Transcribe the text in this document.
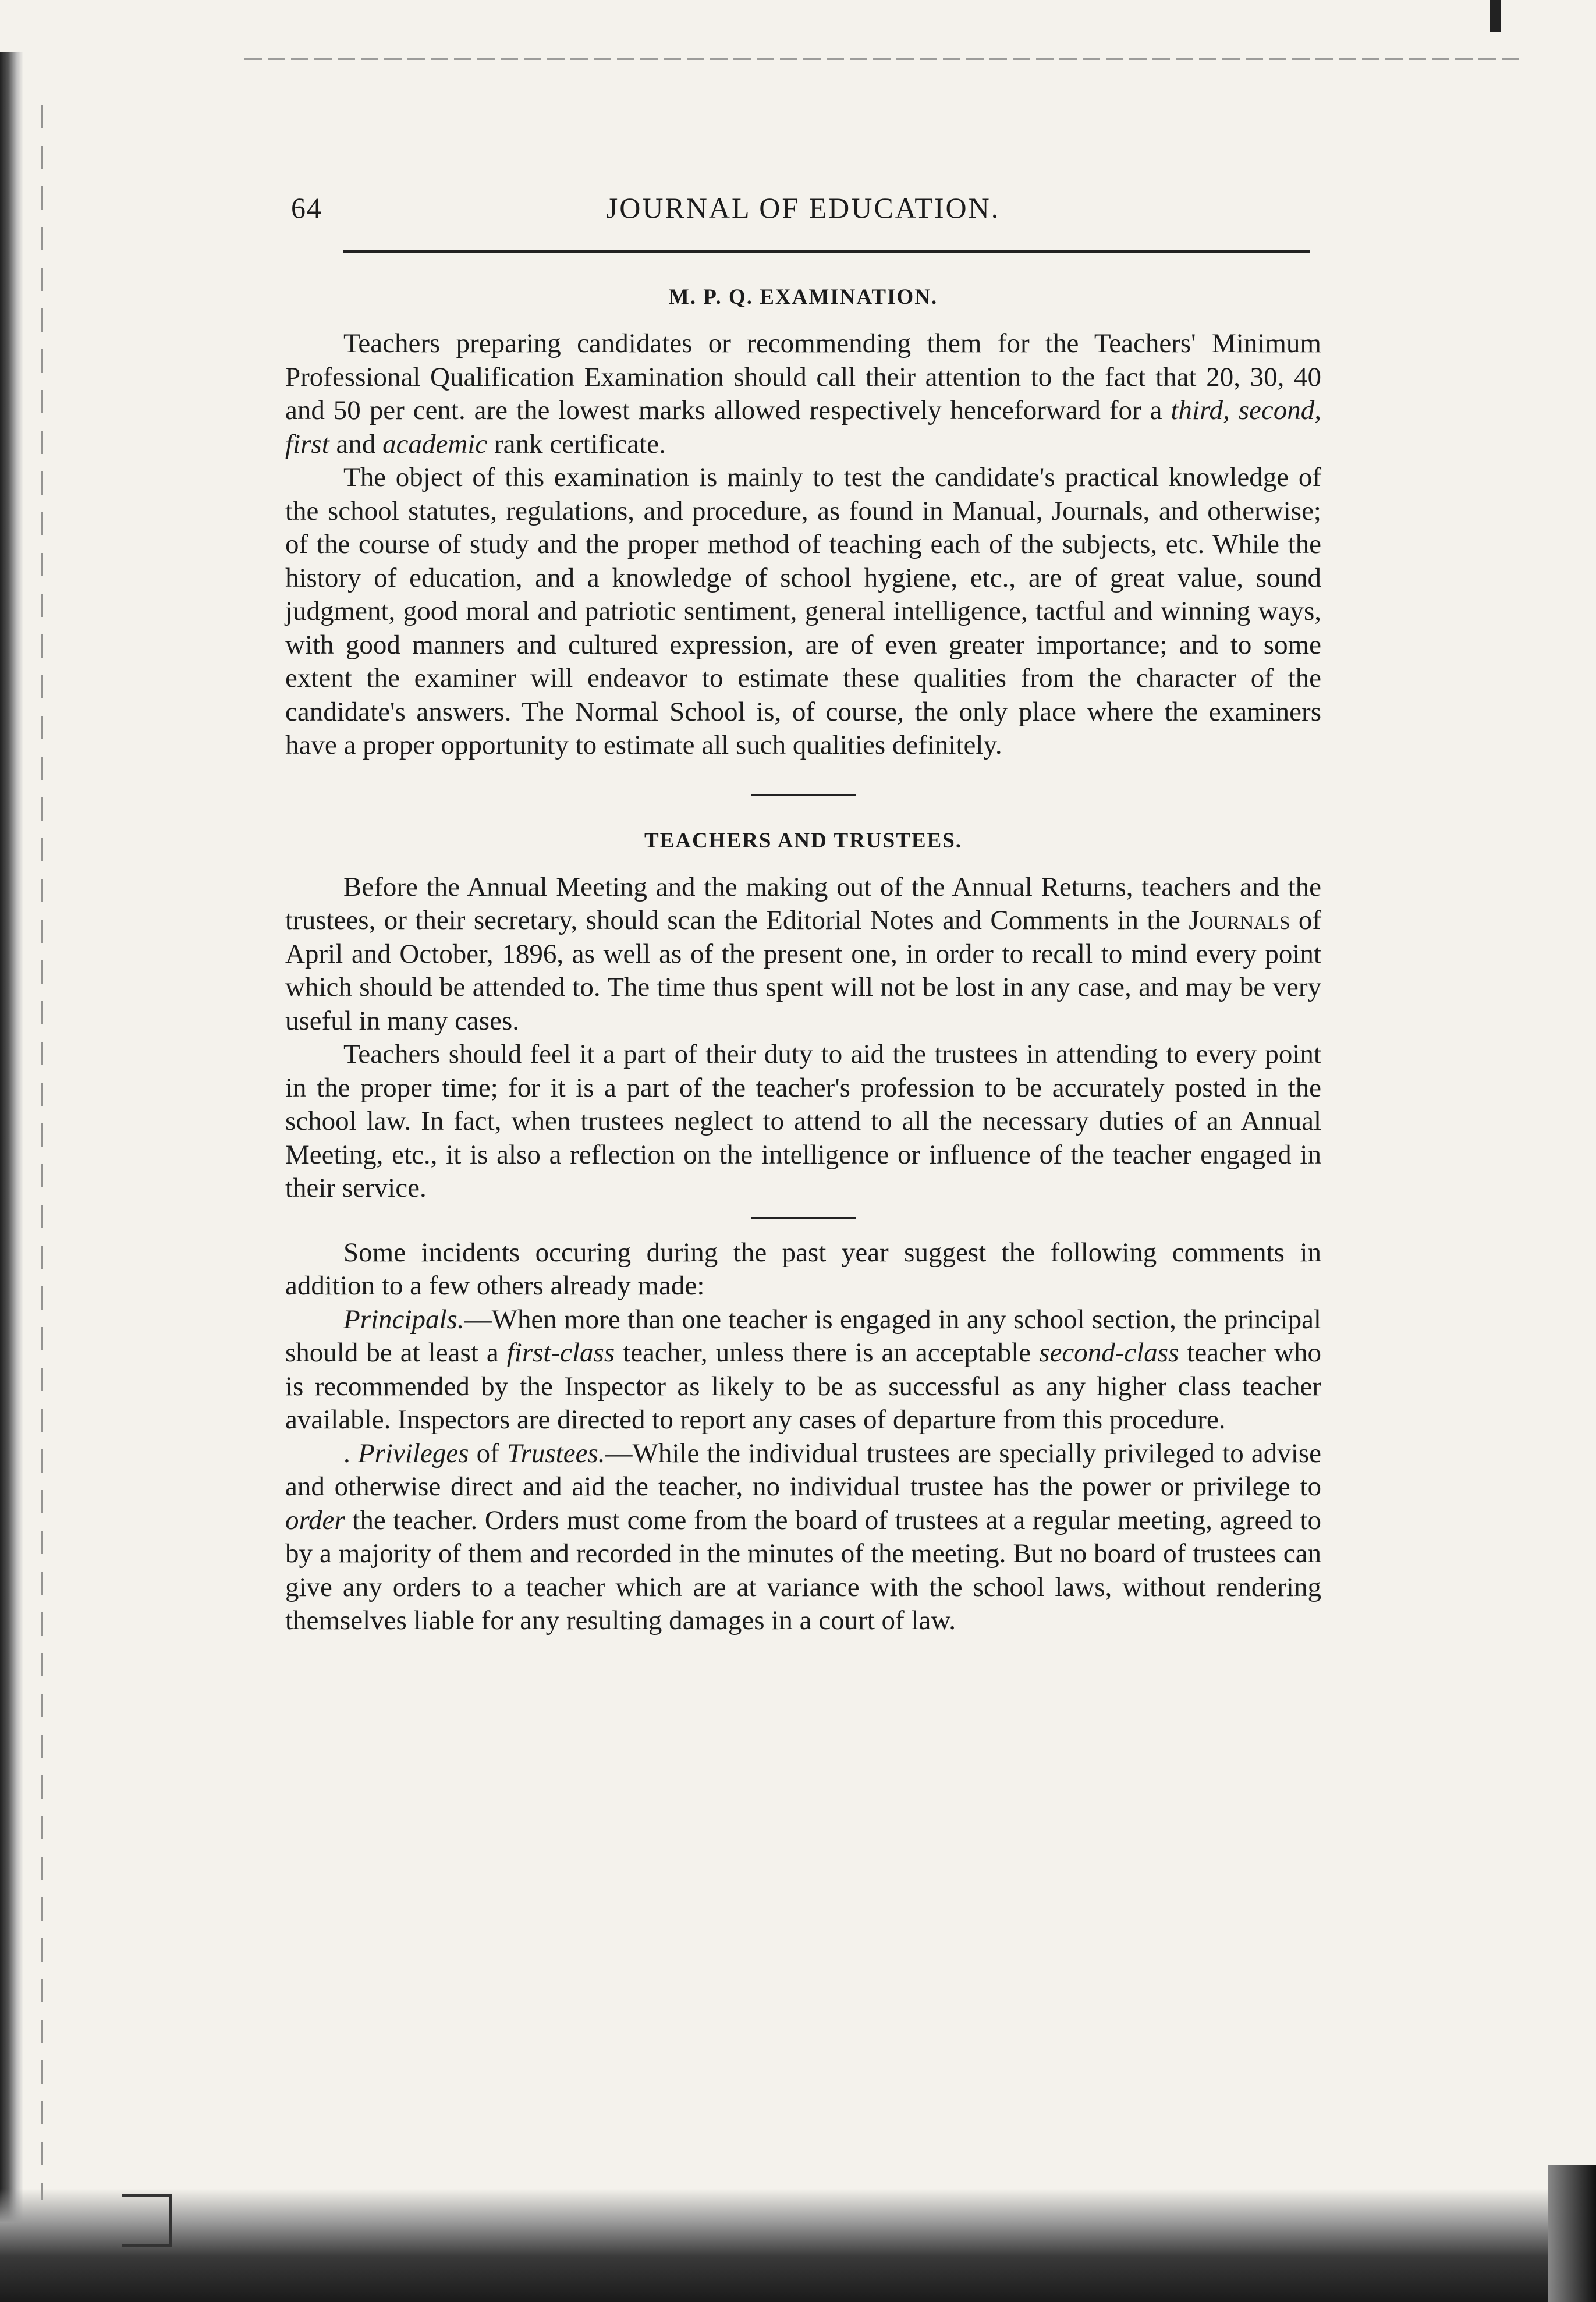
64	JOURNAL OF EDUCATION.
M. P. Q. EXAMINATION.

Teachers preparing candidates or recommending them for the Teachers' Minimum Professional Qualification Examination should call their attention to the fact that 20, 30, 40 and 50 per cent. are the lowest marks allowed respectively henceforward for a third, second, first and academic rank certificate.

The object of this examination is mainly to test the candidate's practical knowledge of the school statutes, regulations, and procedure, as found in Manual, Journals, and otherwise; of the course of study and the proper method of teaching each of the subjects, etc. While the history of education, and a knowledge of school hygiene, etc., are of great value, sound judgment, good moral and patriotic sentiment, general intelligence, tactful and winning ways, with good manners and cultured expression, are of even greater importance; and to some extent the examiner will endeavor to estimate these qualities from the character of the candidate's answers. The Normal School is, of course, the only place where the examiners have a proper opportunity to estimate all such qualities definitely.

TEACHERS AND TRUSTEES.

Before the Annual Meeting and the making out of the Annual Returns, teachers and the trustees, or their secretary, should scan the Editorial Notes and Comments in the Journals of April and October, 1896, as well as of the present one, in order to recall to mind every point which should be attended to. The time thus spent will not be lost in any case, and may be very useful in many cases.

Teachers should feel it a part of their duty to aid the trustees in attending to every point in the proper time; for it is a part of the teacher's profession to be accurately posted in the school law. In fact, when trustees neglect to attend to all the necessary duties of an Annual Meeting, etc., it is also a reflection on the intelligence or influence of the teacher engaged in their service.

Some incidents occuring during the past year suggest the following comments in addition to a few others already made:

Principals.—When more than one teacher is engaged in any school section, the principal should be at least a first-class teacher, unless there is an acceptable second-class teacher who is recommended by the Inspector as likely to be as successful as any higher class teacher available. Inspectors are directed to report any cases of departure from this procedure.

. Privileges of Trustees.—While the individual trustees are specially privileged to advise and otherwise direct and aid the teacher, no individual trustee has the power or privilege to order the teacher. Orders must come from the board of trustees at a regular meeting, agreed to by a majority of them and recorded in the minutes of the meeting. But no board of trustees can give any orders to a teacher which are at variance with the school laws, without rendering themselves liable for any resulting damages in a court of law.
